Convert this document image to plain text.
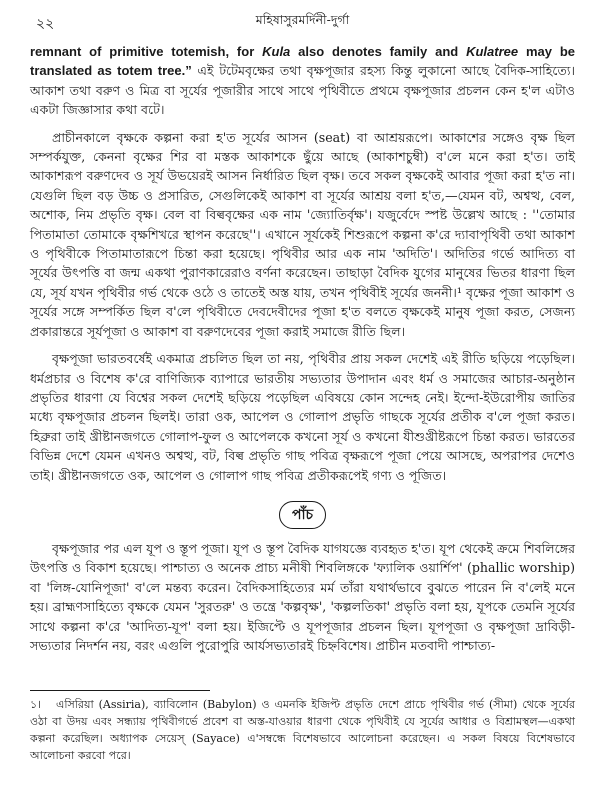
২২	মহিষাসুরমর্দিনী-দুর্গা

remnant of primitive totemish, for Kula also denotes family and Kulatree may be translated as totem tree.” এই টটেমবৃক্ষের তথা বৃক্ষপূজার রহস্য কিন্তু লুকানো আছে বৈদিক-সাহিত্যে। আকাশ তথা বরুণ ও মিত্র বা সূর্যের পূজারীর সাথে সাথে পৃথিবীতে প্রথমে বৃক্ষপূজার প্রচলন কেন হ'ল এটাও একটা জিজ্ঞাসার কথা বটে।

প্রাচীনকালে বৃক্ষকে কল্পনা করা হ'ত সূর্যের আসন (seat) বা আশ্রয়রূপে। আকাশের সঙ্গেও বৃক্ষ ছিল সম্পর্কযুক্ত, কেননা বৃক্ষের শির বা মস্তক আকাশকে ছুঁয়ে আছে (আকাশচুম্বী) ব'লে মনে করা হ'ত। তাই আকাশরূপ বরুণদেব ও সূর্য উভয়েরই আসন নির্ধারিত ছিল বৃক্ষ। তবে সকল বৃক্ষকেই আবার পূজা করা হ'ত না। যেগুলি ছিল বড় উচ্চ ও প্রসারিত, সেগুলিকেই আকাশ বা সূর্যের আশ্রয় বলা হ'ত,—যেমন বট, অশ্বত্থ, বেল, অশোক, নিম প্রভৃতি বৃক্ষ। বেল বা বিল্ববৃক্ষের এক নাম 'জ্যোতির্বৃক্ষ'। যজুর্বেদে স্পষ্ট উল্লেখ আছে : ''তোমার পিতামাতা তোমাকে বৃক্ষশিখরে স্থাপন করেছে''। এখানে সূর্যকেই শিশুরূপে কল্পনা ক'রে দ্যাবাপৃথিবী তথা আকাশ ও পৃথিবীকে পিতামাতারূপে চিন্তা করা হয়েছে। পৃথিবীর আর এক নাম 'অদিতি'। অদিতির গর্ভে আদিত্য বা সূর্যের উৎপত্তি বা জন্ম একথা পুরাণকারেরাও বর্ণনা করেছেন। তাছাড়া বৈদিক যুগের মানুষের ভিতর ধারণা ছিল যে, সূর্য যখন পৃথিবীর গর্ভ থেকে ওঠে ও তাতেই অস্ত যায়, তখন পৃথিবীই সূর্যের জননী।¹ বৃক্ষের পূজা আকাশ ও সূর্যের সঙ্গে সম্পর্কিত ছিল ব'লে পৃথিবীতে দেবদেবীদের পূজা হ'ত বলতে বৃক্ষকেই মানুষ পূজা করত, সেজন্য প্রকারান্তরে সূর্যপূজা ও আকাশ বা বরুণদেবের পূজা করাই সমাজে রীতি ছিল।

বৃক্ষপূজা ভারতবর্ষেই একমাত্র প্রচলিত ছিল তা নয়, পৃথিবীর প্রায় সকল দেশেই এই রীতি ছড়িয়ে পড়েছিল। ধর্মপ্রচার ও বিশেষ ক'রে বাণিজ্যিক ব্যাপারে ভারতীয় সভ্যতার উপাদান এবং ধর্ম ও সমাজের আচার-অনুষ্ঠান প্রভৃতির ধারণা যে বিশ্বের সকল দেশেই ছড়িয়ে পড়েছিল এবিষয়ে কোন সন্দেহ নেই। ইন্দো-ইউরোপীয় জাতির মধ্যে বৃক্ষপূজার প্রচলন ছিলই। তারা ওক, আপেল ও গোলাপ প্রভৃতি গাছকে সূর্যের প্রতীক ব'লে পূজা করত। হিব্রুরা তাই খ্রীষ্টানজগতে গোলাপ-ফুল ও আপেলকে কখনো সূর্য ও কখনো যীশুখ্রীষ্টরূপে চিন্তা করত। ভারতের বিভিন্ন দেশে যেমন এখনও অশ্বত্থ, বট, বিল্ব প্রভৃতি গাছ পবিত্র বৃক্ষরূপে পূজা পেয়ে আসছে, অপরাপর দেশেও তাই। খ্রীষ্টানজগতে ওক, আপেল ও গোলাপ গাছ পবিত্র প্রতীকরূপেই গণ্য ও পূজিত।

পাঁচ

বৃক্ষপূজার পর এল যূপ ও স্তূপ পূজা। যূপ ও স্তূপ বৈদিক যাগযজ্ঞে ব্যবহৃত হ'ত। যূপ থেকেই ক্রমে শিবলিঙ্গের উৎপত্তি ও বিকাশ হয়েছে। পাশ্চাত্য ও অনেক প্রাচ্য মনীষী শিবলিঙ্গকে 'ফ্যালিক ওয়ার্শিপ' (phallic worship) বা 'লিঙ্গ-যোনিপূজা' ব'লে মন্তব্য করেন। বৈদিকসাহিত্যের মর্ম তাঁরা যথার্থভাবে বুঝতে পারেন নি ব'লেই মনে হয়। ব্রাহ্মণসাহিত্যে বৃক্ষকে যেমন 'সুরতরু' ও তন্ত্রে 'কল্পবৃক্ষ', 'কল্পলতিকা' প্রভৃতি বলা হয়, যূপকে তেমনি সূর্যের সাথে কল্পনা ক'রে 'আদিত্য-যূপ' বলা হয়। ইজিপ্টে ও যূপপূজার প্রচলন ছিল। যূপপূজা ও বৃক্ষপূজা দ্রাবিড়ী-সভ্যতার নিদর্শন নয়, বরং এগুলি পুরোপুরি আর্যসভ্যতারই চিহ্নবিশেষ। প্রাচীন মতবাদী পাশ্চাত্য-

১। এসিরিয়া (Assiria), ব্যাবিলোন (Babylon) ও এমনকি ইজিপ্ট প্রভৃতি দেশে প্রাচে পৃথিবীর গর্ভ (সীমা) থেকে সূর্যের ওঠা বা উদয় এবং সন্ধ্যায় পৃথিবীগর্ভে প্রবেশ বা অস্ত-যাওয়ার ধারণা থেকে পৃথিবীই যে সূর্যের আধার ও বিশ্রামস্থল—একথা কল্পনা করেছিল। অধ্যাপক সেয়েস্ (Sayace) এ'সম্বন্ধে বিশেষভাবে আলোচনা করেছেন। এ সকল বিষয়ে বিশেষভাবে আলোচনা করবো পরে।
